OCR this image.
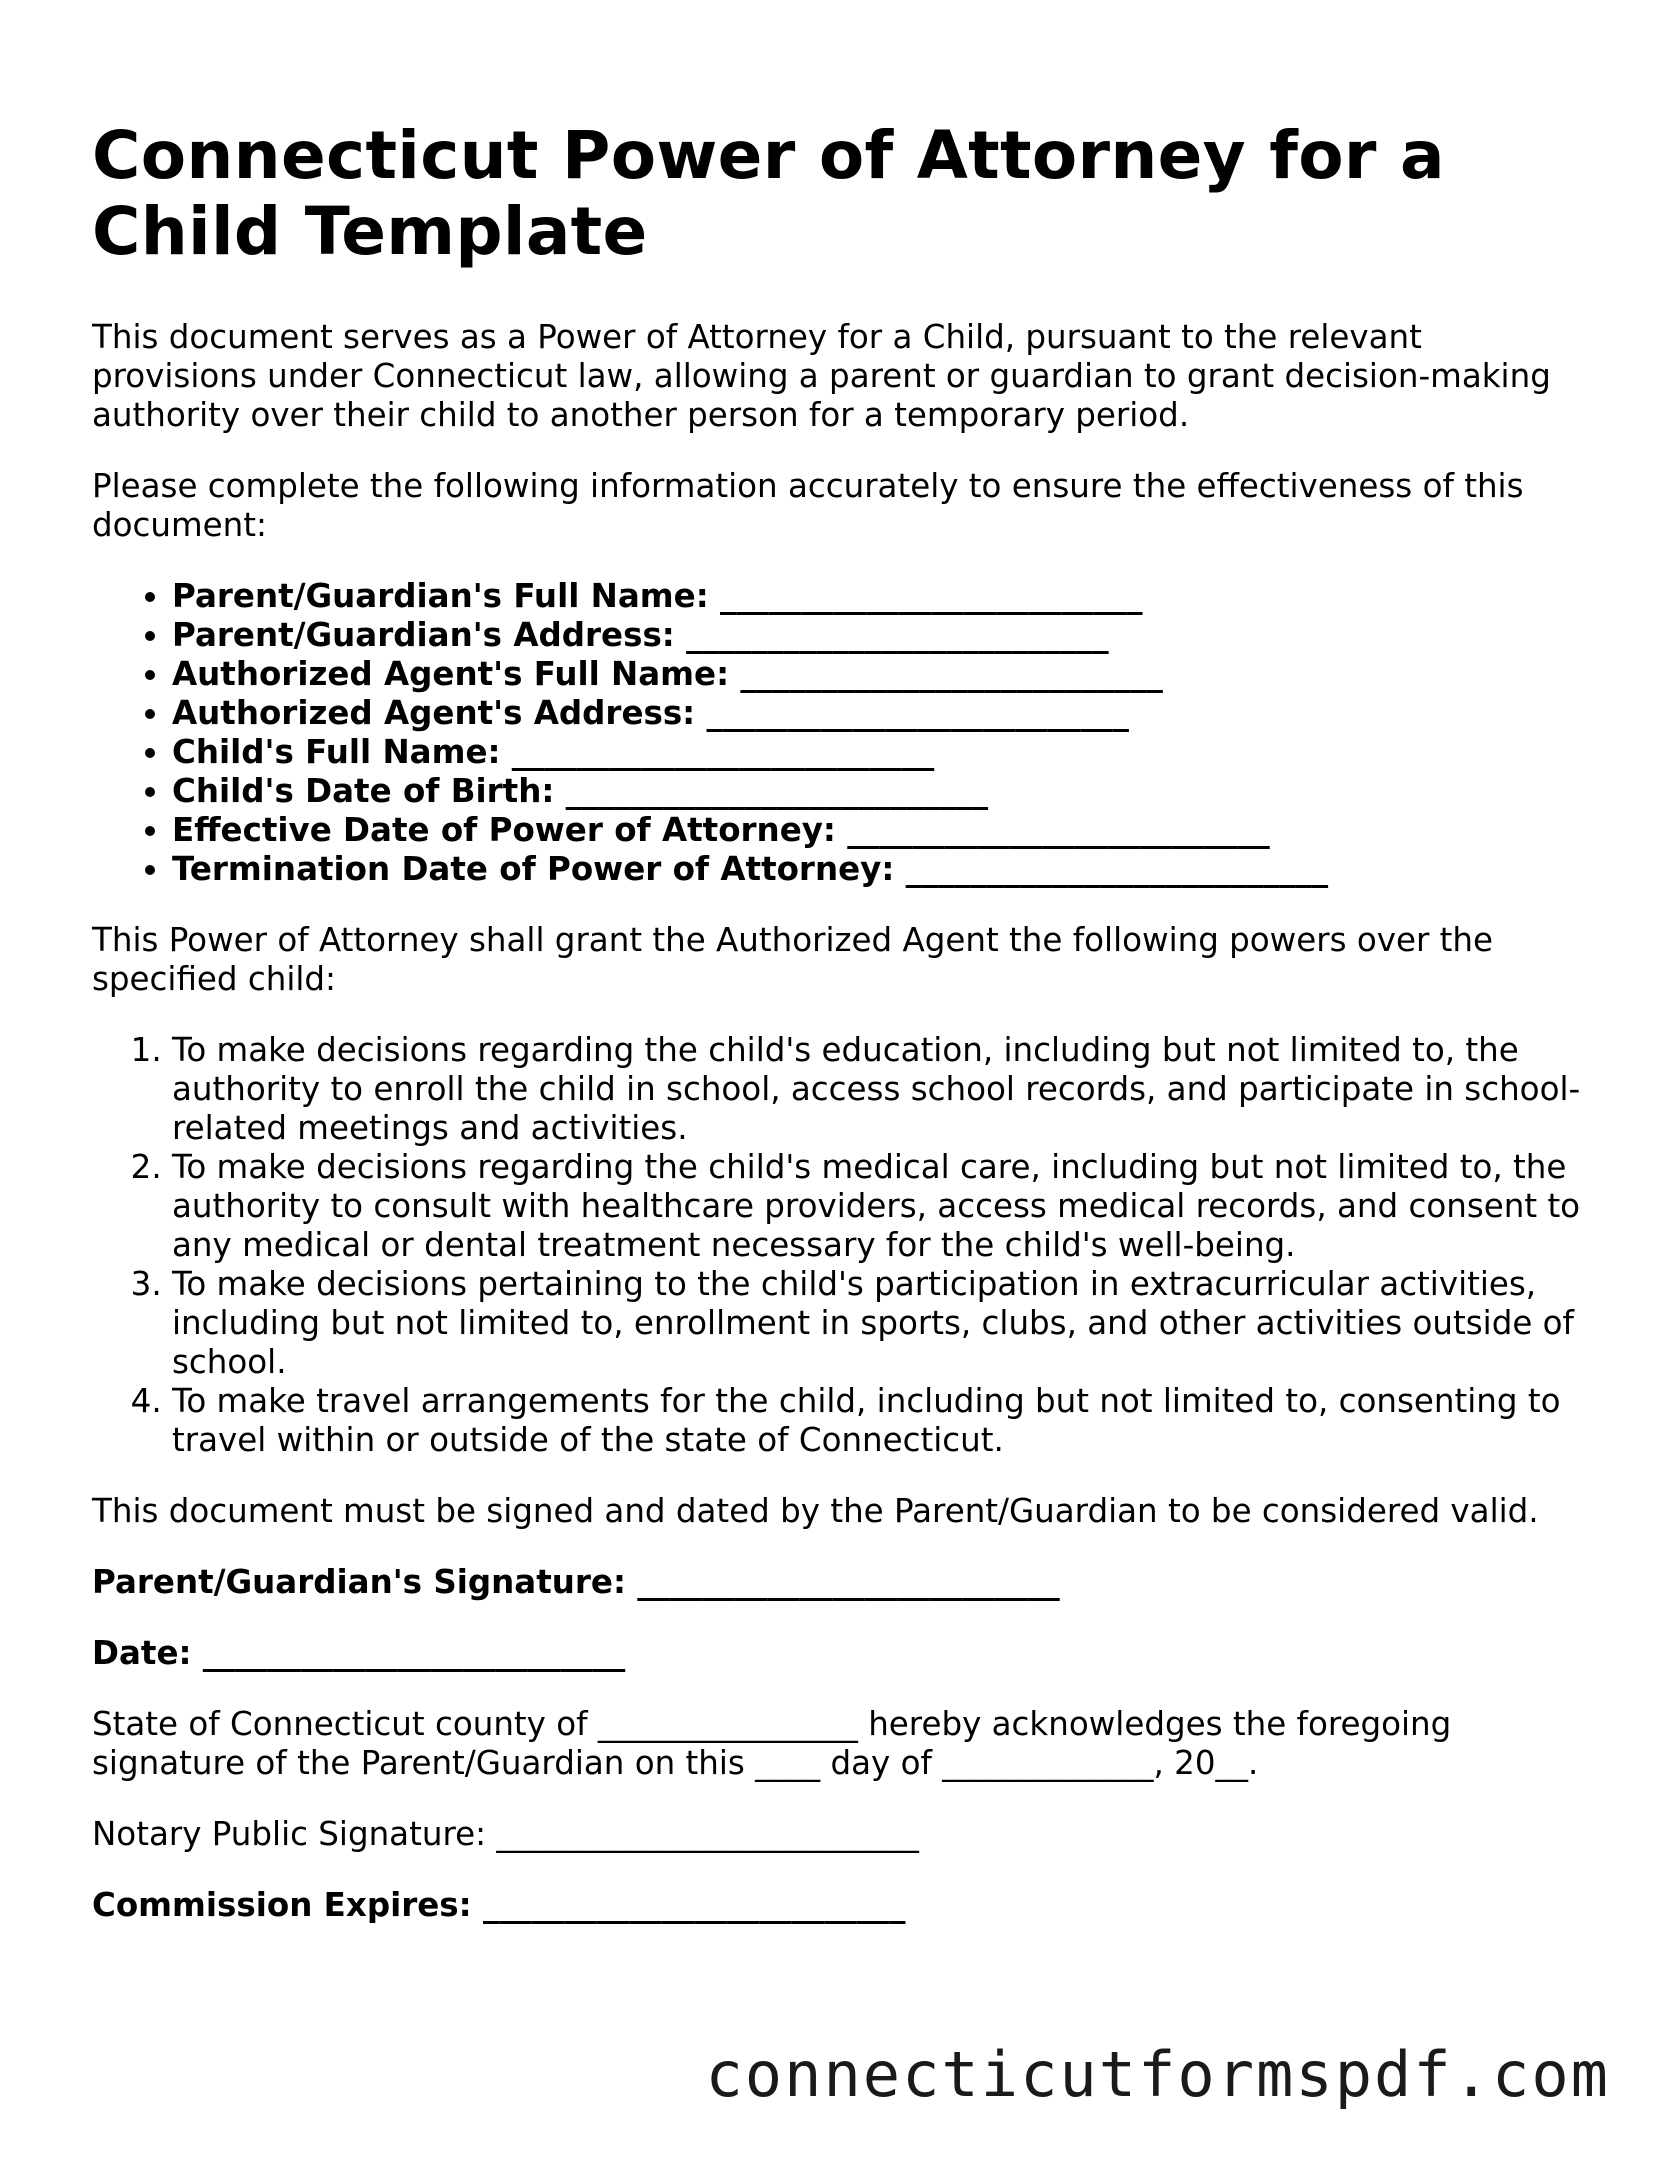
Connecticut Power of Attorney for a Child Template

This document serves as a Power of Attorney for a Child, pursuant to the relevant provisions under Connecticut law, allowing a parent or guardian to grant decision-making authority over their child to another person for a temporary period.

Please complete the following information accurately to ensure the effectiveness of this document:

• Parent/Guardian's Full Name: __________________________
• Parent/Guardian's Address: __________________________
• Authorized Agent's Full Name: __________________________
• Authorized Agent's Address: __________________________
• Child's Full Name: __________________________
• Child's Date of Birth: __________________________
• Effective Date of Power of Attorney: __________________________
• Termination Date of Power of Attorney: __________________________

This Power of Attorney shall grant the Authorized Agent the following powers over the specified child:

1. To make decisions regarding the child's education, including but not limited to, the authority to enroll the child in school, access school records, and participate in school-related meetings and activities.
2. To make decisions regarding the child's medical care, including but not limited to, the authority to consult with healthcare providers, access medical records, and consent to any medical or dental treatment necessary for the child's well-being.
3. To make decisions pertaining to the child's participation in extracurricular activities, including but not limited to, enrollment in sports, clubs, and other activities outside of school.
4. To make travel arrangements for the child, including but not limited to, consenting to travel within or outside of the state of Connecticut.

This document must be signed and dated by the Parent/Guardian to be considered valid.

Parent/Guardian's Signature: __________________________
Date: __________________________

State of Connecticut county of ________________ hereby acknowledges the foregoing signature of the Parent/Guardian on this ____ day of _____________, 20__.

Notary Public Signature: __________________________
Commission Expires: __________________________
connecticutformspdf.com
